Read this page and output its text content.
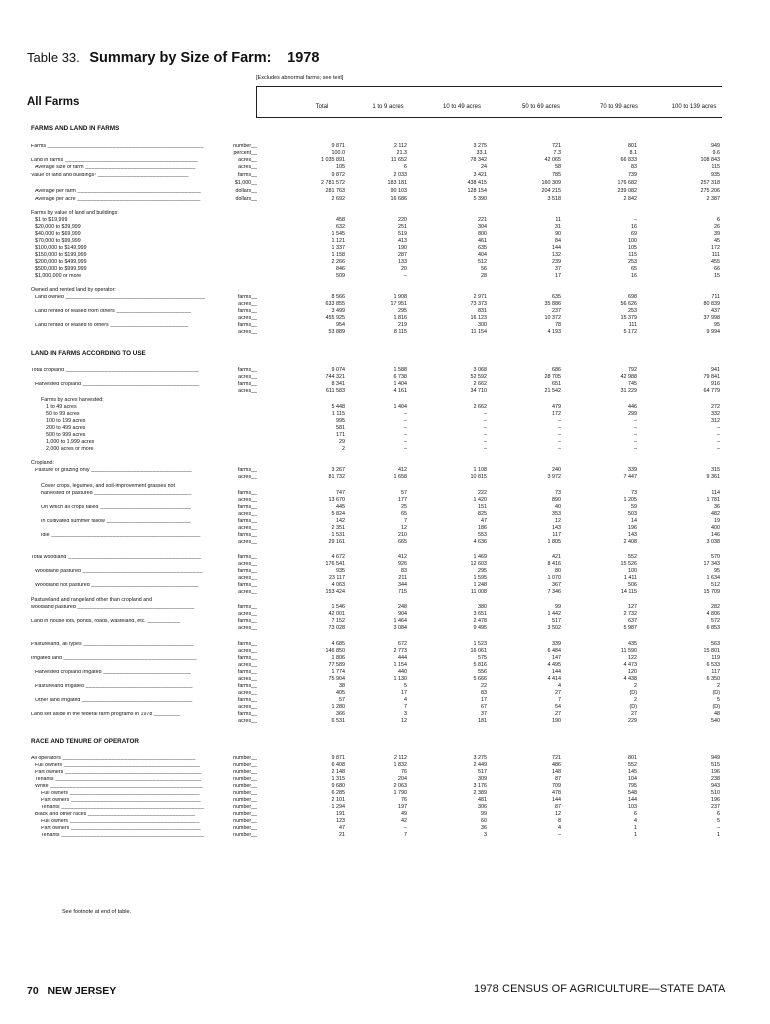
Table 33. Summary by Size of Farm: 1978
[Excludes abnormal farms; see text]
All Farms	Total	1 to 9 acres	10 to 49 acres	50 to 69 acres	70 to 99 acres	100 to 139 acres
FARMS AND LAND IN FARMS
Farms ________________________________________________	number__	9 871	2 112	3 275	721	801	949
percent__	100.0	21.3	33.1	7.3	8.1	9.6
Land in farms _________________________________________	acres__	1 035 891	11 652	78 342	42 065	66 833	108 843
Average size of farm __________________________________	acres__	105	6	24	58	83	115
Value of land and buildings¹ ____________________________	farms__	9 872	2 033	3 421	785	739	935
$1,000__	2 781 572	183 181	438 415	160 309	176 682	257 318
Average per farm ______________________________________	dollars__	281 763	90 103	128 154	204 215	239 082	275 206
Average per acre ______________________________________	dollars__	2 692	16 686	5 390	3 518	2 842	2 387
Farms by value of land and buildings:
$1 to $19,999	458	220	221	11	–	6
$20,000 to $39,999	632	251	304	31	16	26
$40,000 to $69,999	1 545	519	800	90	69	39
$70,000 to $99,999	1 121	413	461	84	100	45
$100,000 to $149,999	1 337	190	635	144	105	172
$150,000 to $199,999	1 158	287	404	132	115	111
$200,000 to $499,999	2 266	133	512	239	253	455
$500,000 to $999,999	846	20	56	37	65	66
$1,000,000 or more	509	–	28	17	16	15
Owned and rented land by operator:
Land owned ___________________________________________	farms__	8 566	1 908	2 971	635	698	711
acres__	633 855	17 951	73 373	35 886	56 626	80 839
Land rented or leased from others _______________________	farms__	3 499	295	831	237	253	437
acres__	455 925	1 816	16 123	10 372	15 379	37 998
Land rented or leased to others ________________________	farms__	954	219	300	78	111	95
acres__	53 889	8 115	11 154	4 193	5 172	9 994
LAND IN FARMS ACCORDING TO USE
Total cropland _________________________________________	farms__	9 074	1 588	3 068	686	792	941
acres__	744 321	6 738	52 592	28 705	42 988	79 841
Harvested cropland ____________________________________	farms__	8 341	1 404	2 662	651	745	916
acres__	611 583	4 161	34 710	21 542	31 229	64 779
Farms by acres harvested:
1 to 49 acres	5 448	1 404	2 662	479	446	272
50 to 99 acres	1 115	–	–	172	299	332
100 to 199 acres	995	–	–	–	–	312
200 to 499 acres	581	–	–	–	–	–
500 to 999 acres	171	–	–	–	–	–
1,000 to 1,999 acres	29	–	–	–	–	–
2,000 acres or more	2	–	–	–	–	–
Cropland:
Pasture or grazing only _______________________________	farms__	3 267	412	1 108	240	339	315
acres__	81 732	1 658	10 815	3 972	7 447	9 361
Cover crops, legumes, and soil-improvement grasses not
harvested or pastured ______________________________	farms__	747	57	222	73	73	114
acres__	13 670	177	1 420	890	1 205	1 781
On which all crops failed ____________________________	farms__	445	25	151	40	59	36
acres__	5 824	65	825	353	503	482
In cultivated summer fallow __________________________	farms__	142	7	47	12	14	19
acres__	2 351	12	186	143	196	400
Idle ______________________________________________	farms__	1 531	210	553	117	143	146
acres__	29 161	665	4 636	1 805	2 408	3 038
Total woodland _________________________________________	farms__	4 672	412	1 469	421	552	570
acres__	176 541	926	12 603	8 416	15 526	17 343
Woodland pastured _____________________________________	farms__	935	83	295	80	100	95
acres__	23 117	211	1 595	1 070	1 411	1 634
Woodland not pastured _________________________________	farms__	4 063	344	1 248	367	506	512
acres__	153 424	715	11 008	7 346	14 115	15 709
Pastureland and rangeland other than cropland and
woodland pastured ____________________________________	farms__	1 546	248	380	99	127	282
acres__	42 001	904	3 651	1 442	2 732	4 806
Land in house lots, ponds, roads, wasteland, etc. __________	farms__	7 152	1 464	2 478	517	637	572
acres__	73 028	3 084	9 495	3 502	5 987	6 853
Pastureland, all types __________________________________	farms__	4 685	672	1 523	339	435	563
acres__	146 850	2 773	16 061	6 484	11 590	15 801
Irrigated land _________________________________________	farms__	1 806	444	575	147	122	119
acres__	77 589	1 154	5 816	4 495	4 473	6 533
Harvested cropland irrigated ___________________________	farms__	1 774	440	556	144	120	117
acres__	75 904	1 130	5 666	4 414	4 438	6 350
Pastureland irrigated _________________________________	farms__	38	5	22	4	2	2
acres__	405	17	83	27	(D)	(D)
Other land irrigated __________________________________	farms__	57	4	17	7	2	5
acres__	1 280	7	67	54	(D)	(D)
Land set aside in the federal farm programs in 1978 ________	farms__	366	3	37	27	27	48
acres__	6 531	12	181	190	229	540
RACE AND TENURE OF OPERATOR
All operators _________________________________________	number__	9 871	2 112	3 275	721	801	949
Full owners __________________________________________	number__	6 408	1 832	2 449	486	552	515
Part owners __________________________________________	number__	2 148	76	517	148	145	196
Tenants _____________________________________________	number__	1 315	204	309	87	104	238
White _______________________________________________	number__	9 680	2 063	3 176	709	795	943
Full owners ________________________________________	number__	6 285	1 790	2 389	478	548	510
Part owners ________________________________________	number__	2 101	76	481	144	144	196
Tenants ____________________________________________	number__	1 294	197	306	87	103	237
Black and other races _________________________________	number__	191	49	99	12	6	6
Full owners ________________________________________	number__	123	42	60	8	4	5
Part owners ________________________________________	number__	47	–	36	4	1	–
Tenants ____________________________________________	number__	21	7	3	–	1	1
See footnote at end of table.
70 NEW JERSEY	1978 CENSUS OF AGRICULTURE—STATE DATA
